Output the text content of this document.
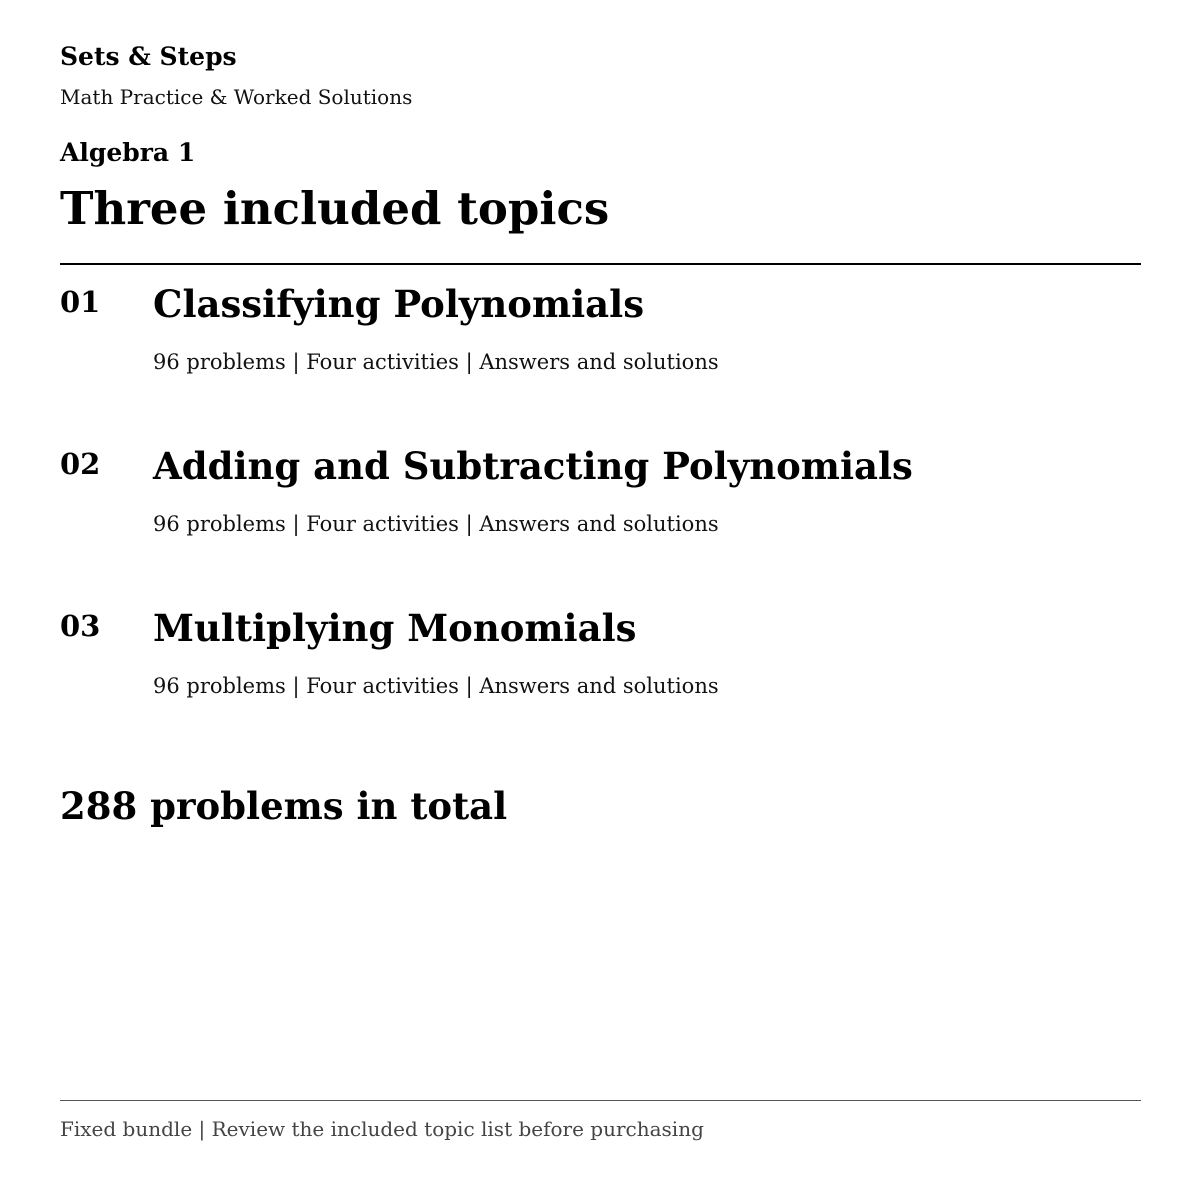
Sets & Steps
Math Practice & Worked Solutions
Algebra 1
Three included topics
01 Classifying Polynomials
96 problems | Four activities | Answers and solutions
02 Adding and Subtracting Polynomials
96 problems | Four activities | Answers and solutions
03 Multiplying Monomials
96 problems | Four activities | Answers and solutions
288 problems in total
Fixed bundle | Review the included topic list before purchasing
